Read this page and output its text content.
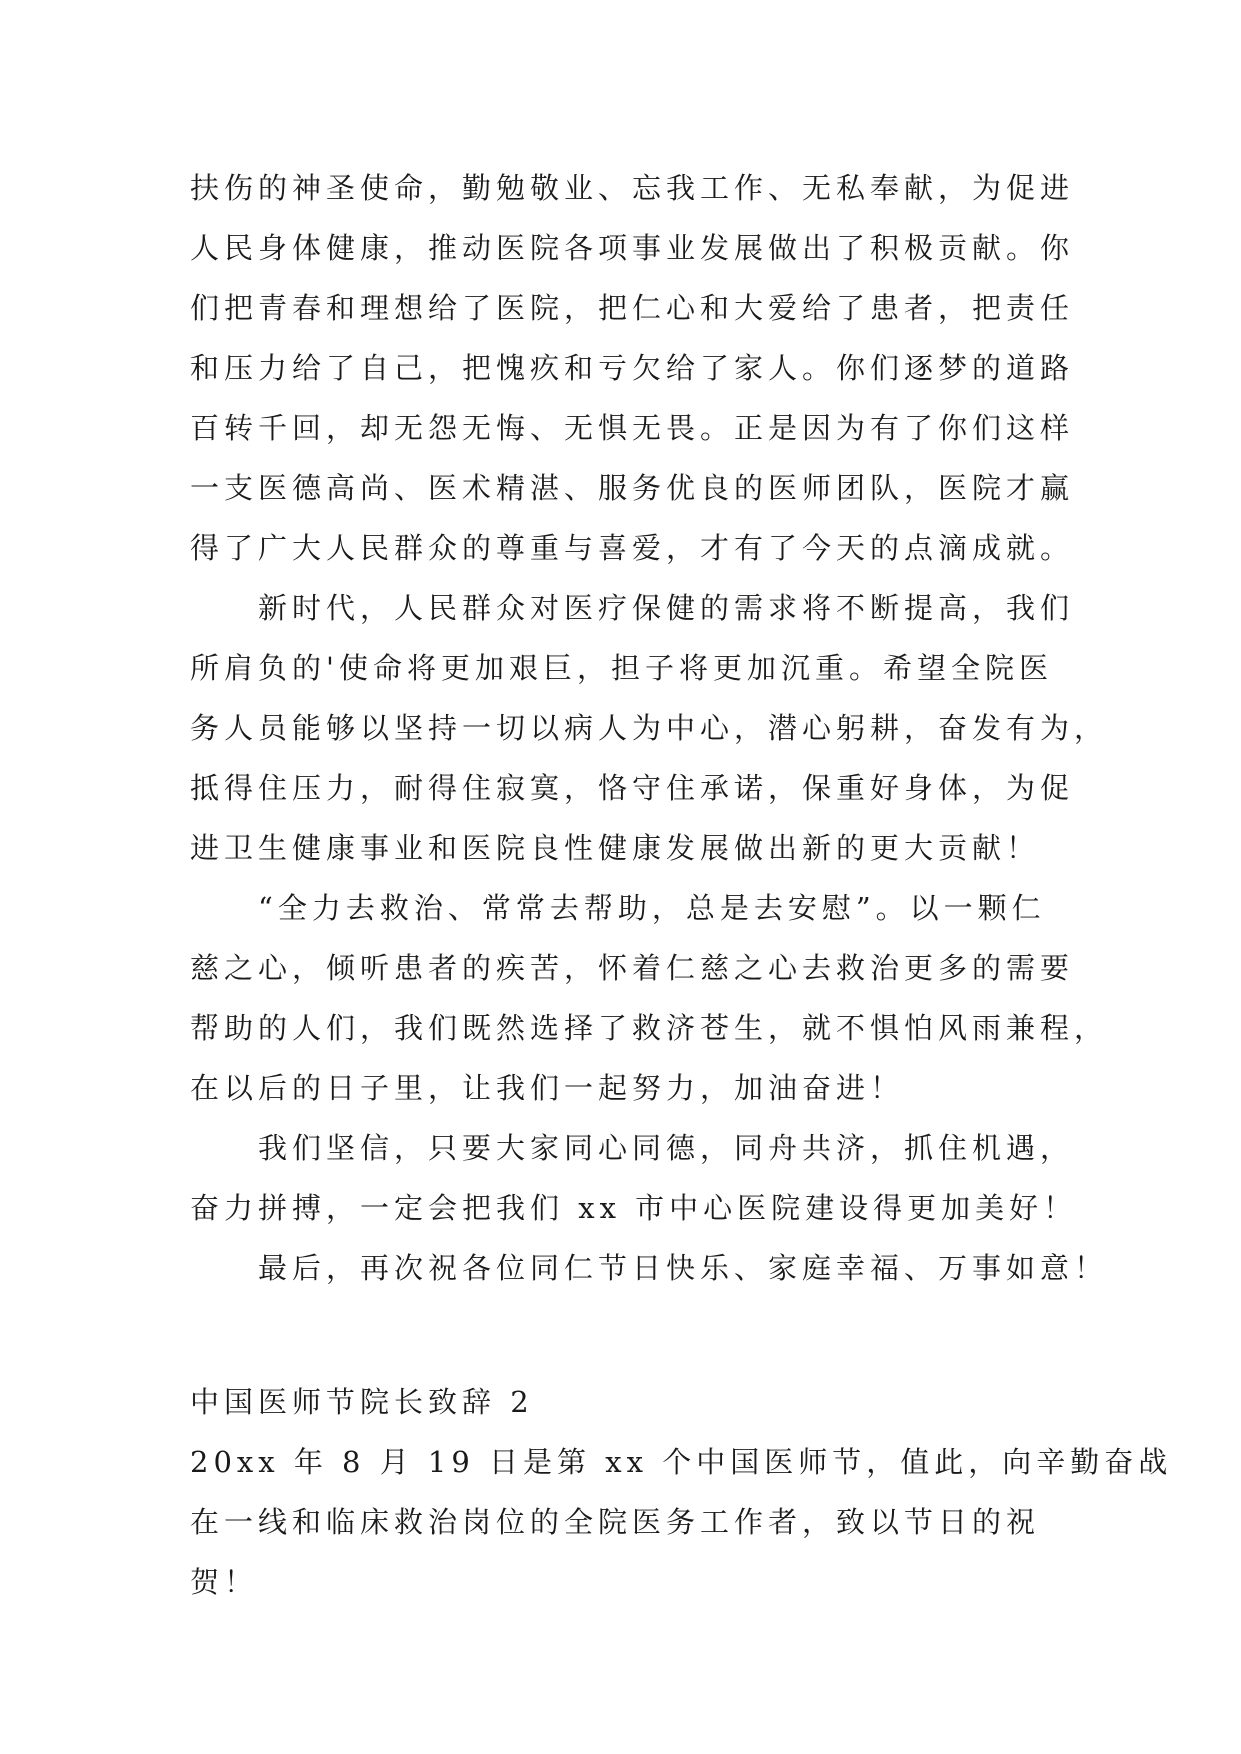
扶伤的神圣使命，勤勉敬业、忘我工作、无私奉献，为促进
人民身体健康，推动医院各项事业发展做出了积极贡献。你
们把青春和理想给了医院，把仁心和大爱给了患者，把责任
和压力给了自己，把愧疚和亏欠给了家人。你们逐梦的道路
百转千回，却无怨无悔、无惧无畏。正是因为有了你们这样
一支医德高尚、医术精湛、服务优良的医师团队，医院才赢
得了广大人民群众的尊重与喜爱，才有了今天的点滴成就。
新时代，人民群众对医疗保健的需求将不断提高，我们
所肩负的'使命将更加艰巨，担子将更加沉重。希望全院医
务人员能够以坚持一切以病人为中心，潜心躬耕，奋发有为，
抵得住压力，耐得住寂寞，恪守住承诺，保重好身体，为促
进卫生健康事业和医院良性健康发展做出新的更大贡献！
“全力去救治、常常去帮助，总是去安慰”。以一颗仁
慈之心，倾听患者的疾苦，怀着仁慈之心去救治更多的需要
帮助的人们，我们既然选择了救济苍生，就不惧怕风雨兼程，
在以后的日子里，让我们一起努力，加油奋进！
我们坚信，只要大家同心同德，同舟共济，抓住机遇，
奋力拼搏，一定会把我们 xx 市中心医院建设得更加美好！
最后，再次祝各位同仁节日快乐、家庭幸福、万事如意！
中国医师节院长致辞 2
20xx 年 8 月 19 日是第 xx 个中国医师节，值此，向辛勤奋战
在一线和临床救治岗位的全院医务工作者，致以节日的祝
贺！
